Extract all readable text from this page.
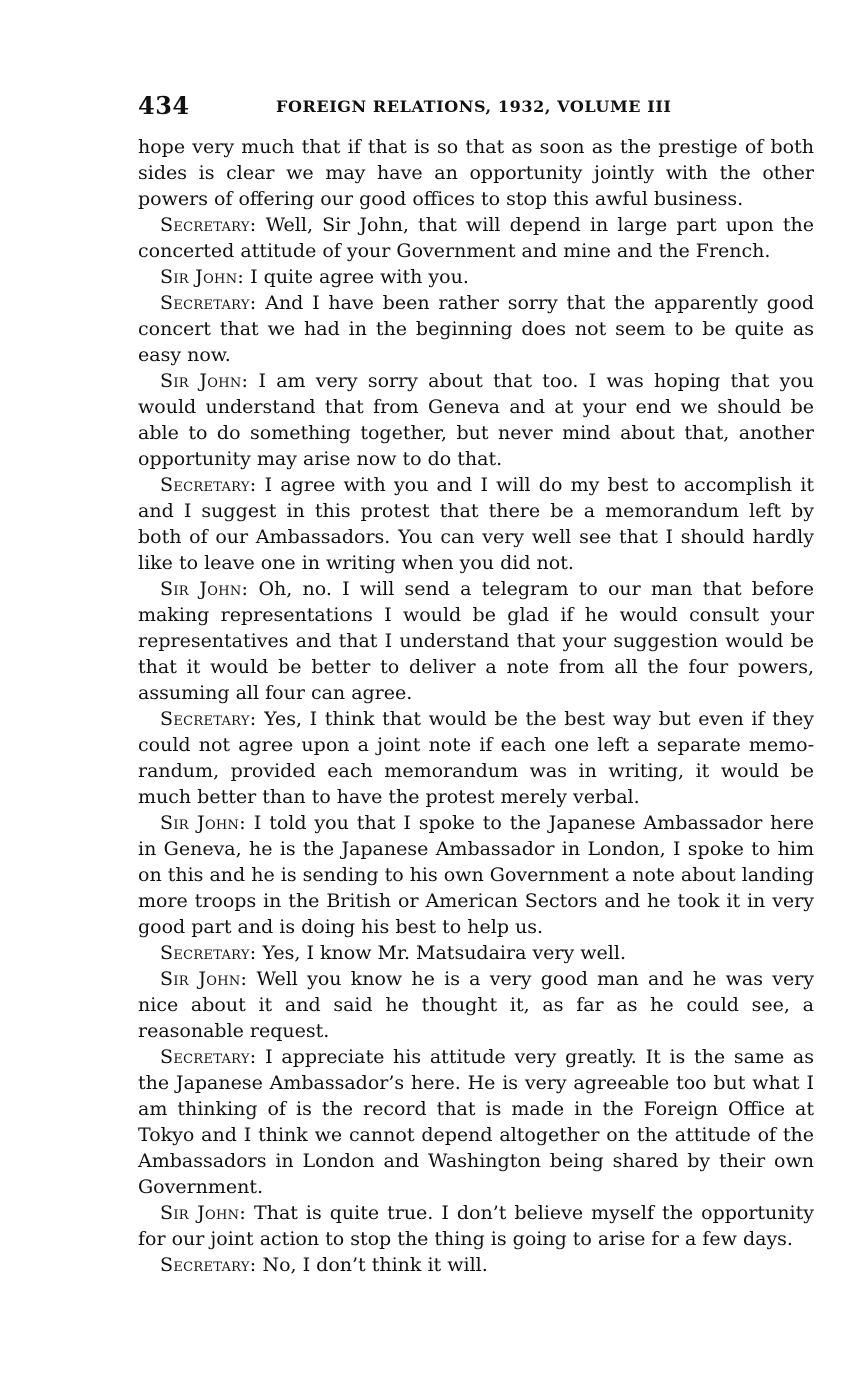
434	FOREIGN RELATIONS, 1932, VOLUME III

hope very much that if that is so that as soon as the prestige of both sides is clear we may have an opportunity jointly with the other powers of offering our good offices to stop this awful business.

Secretary: Well, Sir John, that will depend in large part upon the concerted attitude of your Government and mine and the French.

Sir John: I quite agree with you.

Secretary: And I have been rather sorry that the apparently good concert that we had in the beginning does not seem to be quite as easy now.

Sir John: I am very sorry about that too. I was hoping that you would understand that from Geneva and at your end we should be able to do something together, but never mind about that, another opportunity may arise now to do that.

Secretary: I agree with you and I will do my best to accomplish it and I suggest in this protest that there be a memorandum left by both of our Ambassadors. You can very well see that I should hardly like to leave one in writing when you did not.

Sir John: Oh, no. I will send a telegram to our man that before making representations I would be glad if he would consult your representatives and that I understand that your suggestion would be that it would be better to deliver a note from all the four powers, assuming all four can agree.

Secretary: Yes, I think that would be the best way but even if they could not agree upon a joint note if each one left a separate memorandum, provided each memorandum was in writing, it would be much better than to have the protest merely verbal.

Sir John: I told you that I spoke to the Japanese Ambassador here in Geneva, he is the Japanese Ambassador in London, I spoke to him on this and he is sending to his own Government a note about landing more troops in the British or American Sectors and he took it in very good part and is doing his best to help us.

Secretary: Yes, I know Mr. Matsudaira very well.

Sir John: Well you know he is a very good man and he was very nice about it and said he thought it, as far as he could see, a reasonable request.

Secretary: I appreciate his attitude very greatly. It is the same as the Japanese Ambassador’s here. He is very agreeable too but what I am thinking of is the record that is made in the Foreign Office at Tokyo and I think we cannot depend altogether on the attitude of the Ambassadors in London and Washington being shared by their own Government.

Sir John: That is quite true. I don’t believe myself the opportunity for our joint action to stop the thing is going to arise for a few days.

Secretary: No, I don’t think it will.
